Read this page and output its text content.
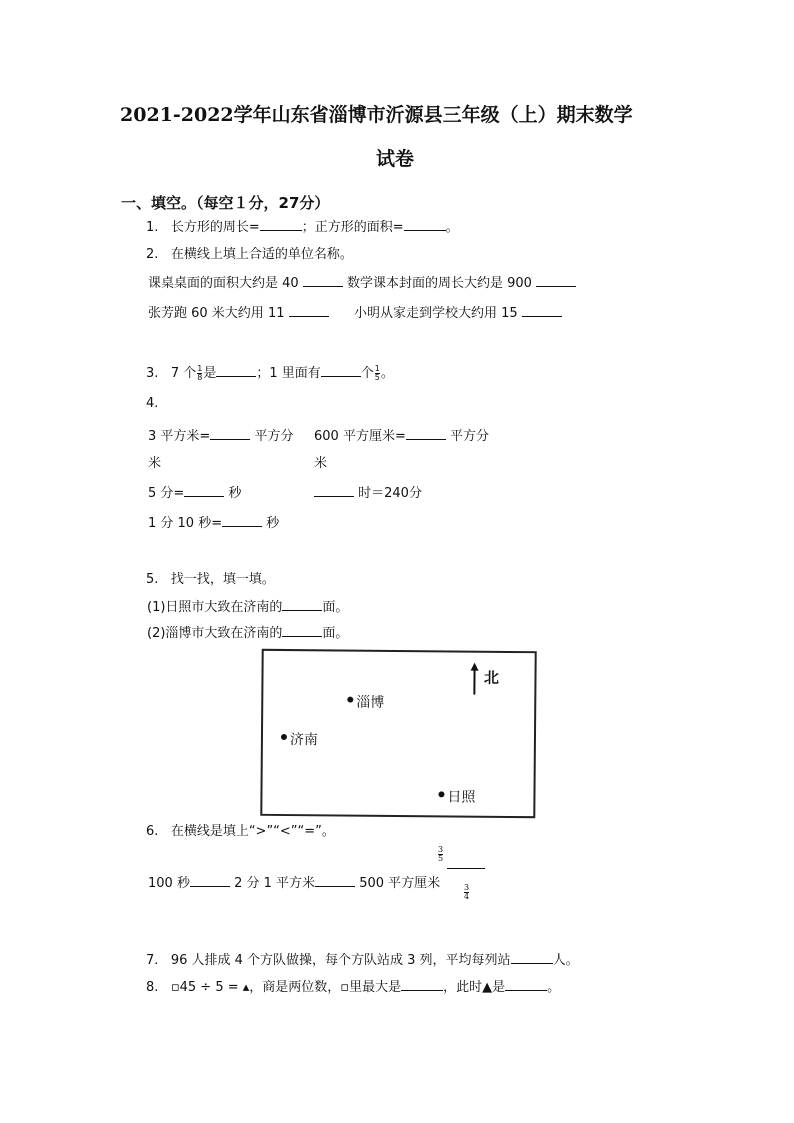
2021-2022学年山东省淄博市沂源县三年级（上）期末数学
试卷
一、填空。（每空１分，27分）
1. 长方形的周长=	；正方形的面积=	。
2. 在横线上填上合适的单位名称。
课桌桌面的面积大约是 40	数学课本封面的周长大约是 900
张芳跑 60 米大约用 11	小明从家走到学校大约用 15
3. 7 个 $\frac{1}{8}$ 是	；1 里面有	个 $\frac{1}{5}$ 。
4.
3 平方米=	平方分
米
600 平方厘米=	平方分
米
5 分=	秒	时＝240分
1 分 10 秒=	秒
5. 找一找，填一填。
(1)日照市大致在济南的	面。
(2)淄博市大致在济南的	面。
北
淄博
济南
日照
6. 在横线是填上“>”“<”“=”。
100 秒	2 分 1 平方米	500 平方厘米
$\frac{3}{5}$
$\frac{3}{4}$
7. 96 人排成 4 个方队做操，每个方队站成 3 列，平均每列站	人。
8. ▫45 ÷ 5 = ▴，商是两位数，▫里最大是	，此时▲是	。
